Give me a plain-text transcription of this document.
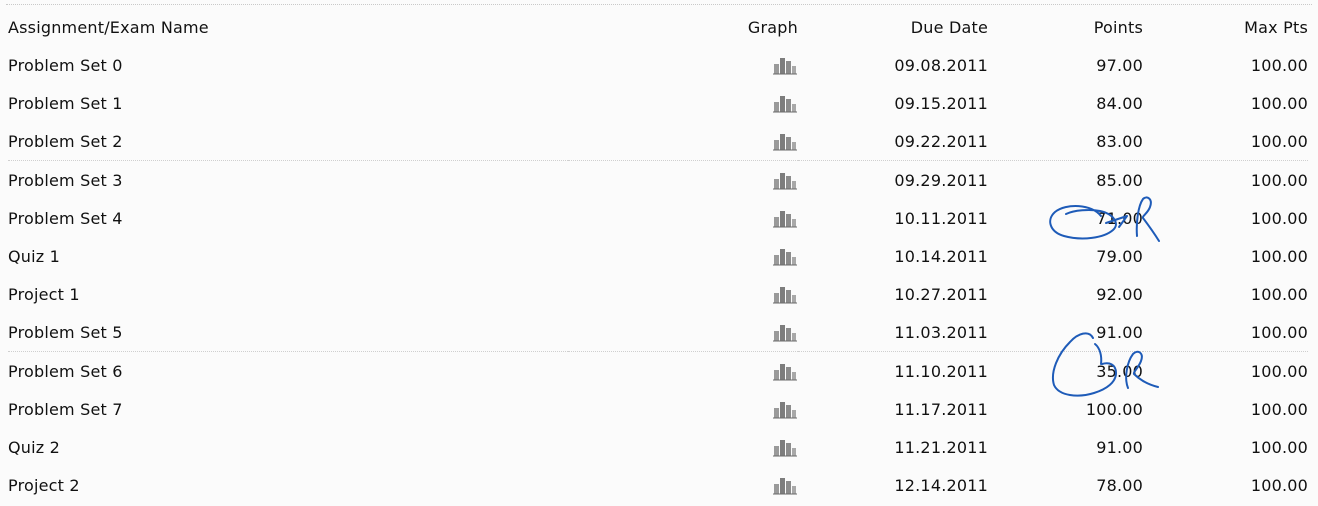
Assignment/Exam Name	Graph	Due Date	Points	Max Pts
Problem Set 0		09.08.2011	97.00	100.00
Problem Set 1		09.15.2011	84.00	100.00
Problem Set 2		09.22.2011	83.00	100.00
Problem Set 3		09.29.2011	85.00	100.00
Problem Set 4		10.11.2011	71.00	100.00
Quiz 1		10.14.2011	79.00	100.00
Project 1		10.27.2011	92.00	100.00
Problem Set 5		11.03.2011	91.00	100.00
Problem Set 6		11.10.2011	35.00	100.00
Problem Set 7		11.17.2011	100.00	100.00
Quiz 2		11.21.2011	91.00	100.00
Project 2		12.14.2011	78.00	100.00
